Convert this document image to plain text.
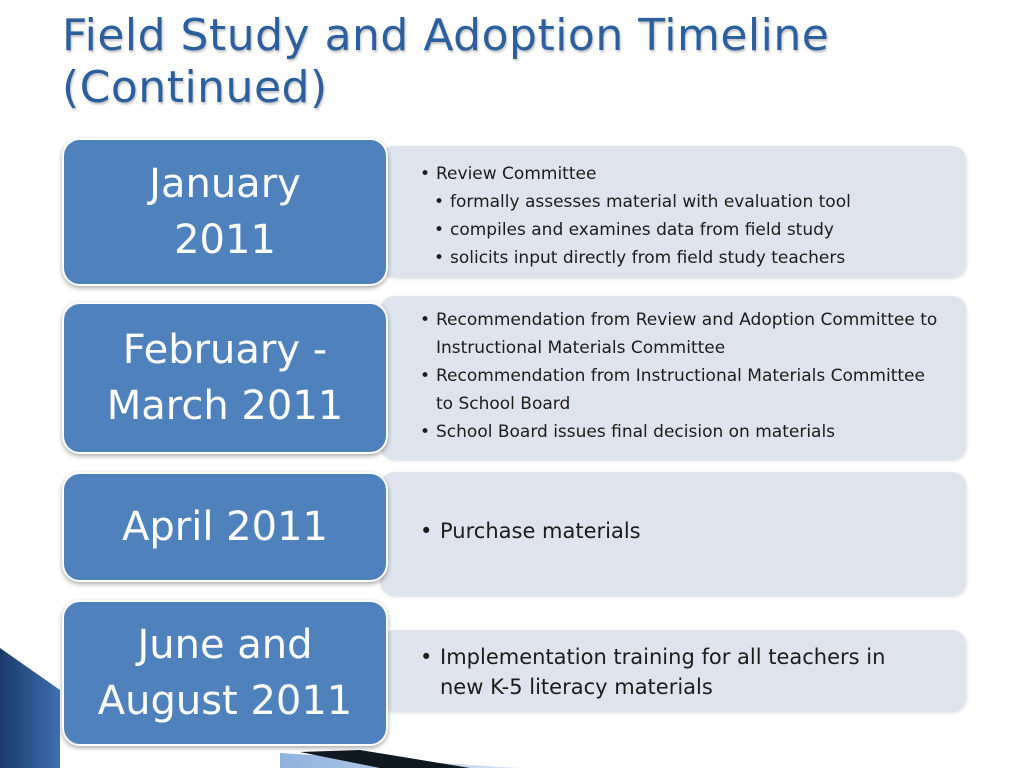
Field Study and Adoption Timeline (Continued)
• Review Committee
• formally assesses material with evaluation tool
• compiles and examines data from field study
• solicits input directly from field study teachers
January
2011
• Recommendation from Review and Adoption Committee to Instructional Materials Committee
• Recommendation from Instructional Materials Committee to School Board
• School Board issues final decision on materials
February -
March 2011
• Purchase materials
April 2011
• Implementation training for all teachers in new K-5 literacy materials
June and
August 2011
